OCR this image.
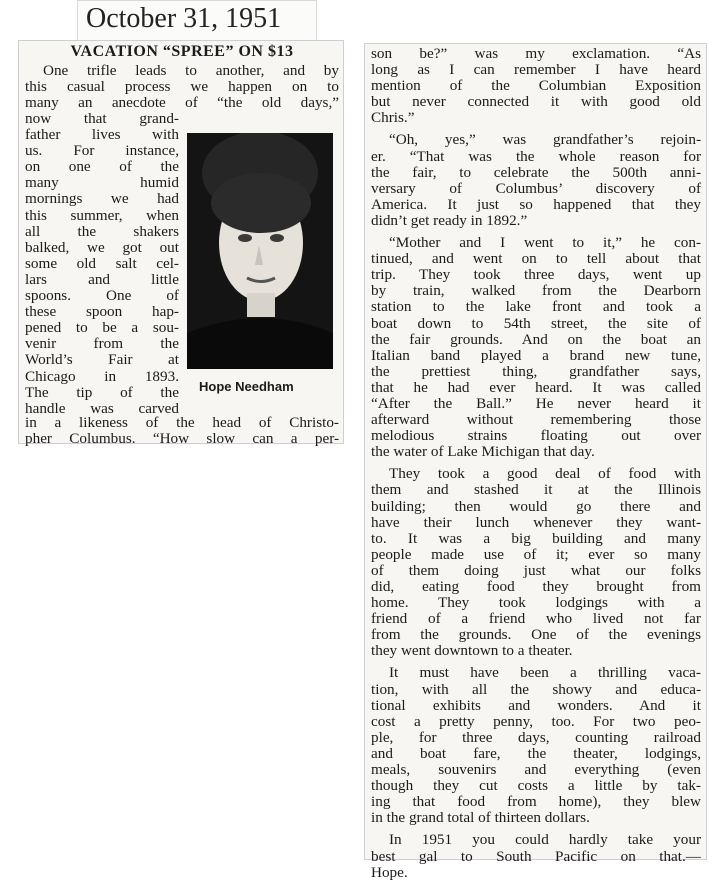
October 31, 1951
VACATION “SPREE” ON $13

One trifle leads to another, and by

this casual process we happen on to

many an anecdote of “the old days,”

now that grand-

father lives with

us. For instance,

on one of the

many humid

mornings we had

this summer, when

all the shakers

balked, we got out

some old salt cel-

lars and little

spoons. One of

these spoon hap-

pened to be a sou-

venir from the

World’s Fair at

Chicago in 1893.

The tip of the

handle was carved

Hope Needham

in a likeness of the head of Christo-

pher Columbus. “How slow can a per-

son be?” was my exclamation. “As

long as I can remember I have heard

mention of the Columbian Exposition

but never connected it with good old

Chris.”

“Oh, yes,” was grandfather’s rejoin-

er. “That was the whole reason for

the fair, to celebrate the 500th anni-

versary of Columbus’ discovery of

America. It just so happened that they

didn’t get ready in 1892.”

“Mother and I went to it,” he con-

tinued, and went on to tell about that

trip. They took three days, went up

by train, walked from the Dearborn

station to the lake front and took a

boat down to 54th street, the site of

the fair grounds. And on the boat an

Italian band played a brand new tune,

the prettiest thing, grandfather says,

that he had ever heard. It was called

“After the Ball.” He never heard it

afterward without remembering those

melodious strains floating out over

the water of Lake Michigan that day.

They took a good deal of food with

them and stashed it at the Illinois

building; then would go there and

have their lunch whenever they want-

to. It was a big building and many

people made use of it; ever so many

of them doing just what our folks

did, eating food they brought from

home. They took lodgings with a

friend of a friend who lived not far

from the grounds. One of the evenings

they went downtown to a theater.

It must have been a thrilling vaca-

tion, with all the showy and educa-

tional exhibits and wonders. And it

cost a pretty penny, too. For two peo-

ple, for three days, counting railroad

and boat fare, the theater, lodgings,

meals, souvenirs and everything (even

though they cut costs a little by tak-

ing that food from home), they blew

in the grand total of thirteen dollars.

In 1951 you could hardly take your

best gal to South Pacific on that.—

Hope.
